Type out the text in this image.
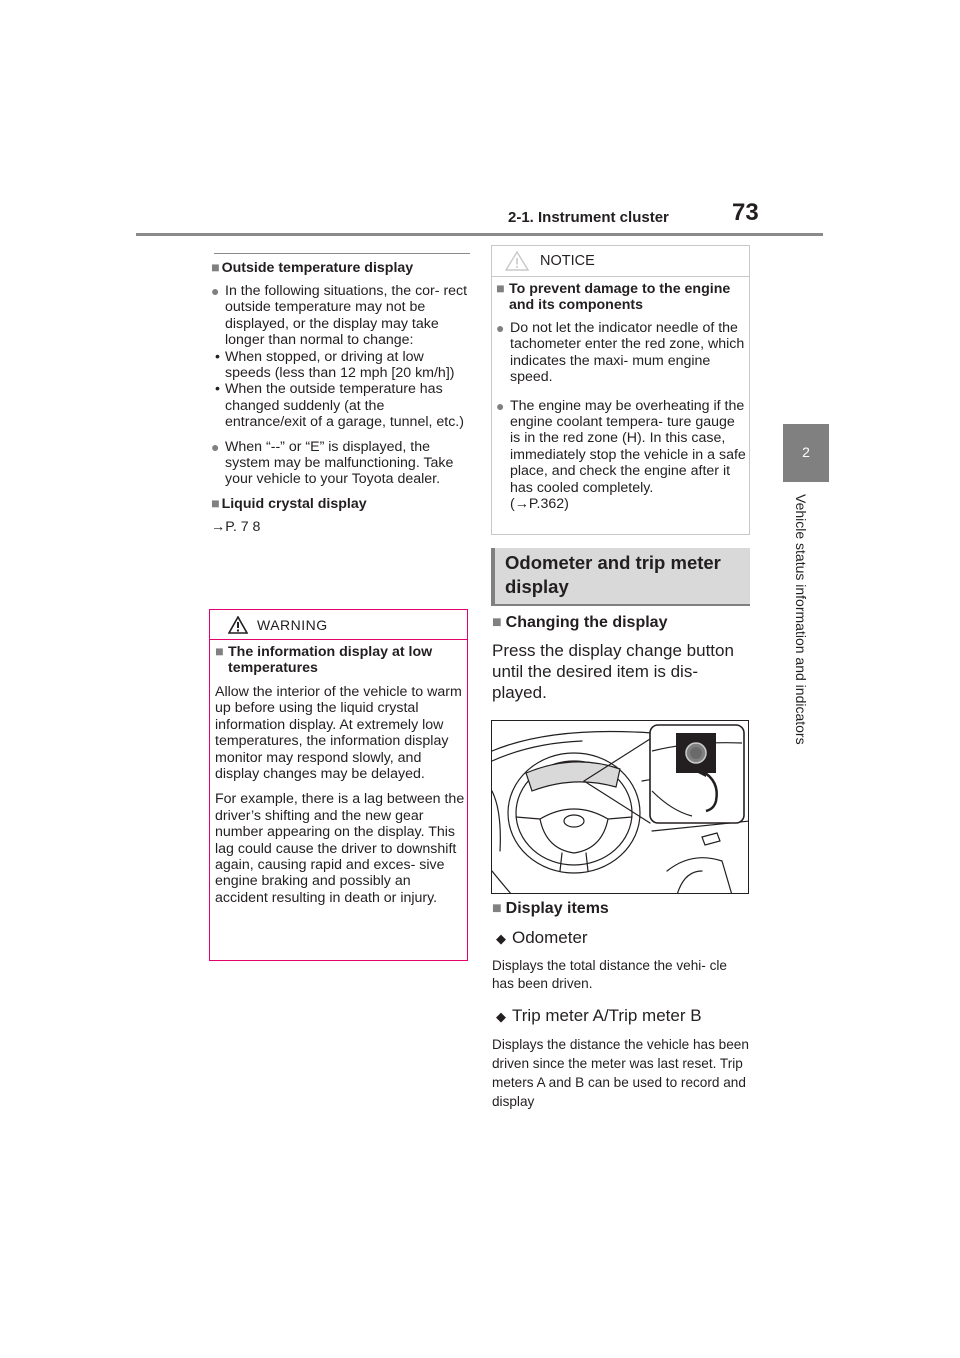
2-1. Instrument cluster	73
2
Vehicle status information and indicators
■ Outside temperature display

● In the following situations, the cor- rect outside temperature may not be displayed, or the display may take longer than normal to change:

• When stopped, or driving at low speeds (less than 12 mph [20 km/h])

• When the outside temperature has changed suddenly (at the entrance/exit of a garage, tunnel, etc.)

● When “--” or “E” is displayed, the system may be malfunctioning. Take your vehicle to your Toyota dealer.

■ Liquid crystal display

→P. 7 8

WARNING
■ The information display at low temperatures

Allow the interior of the vehicle to warm up before using the liquid crystal information display. At extremely low temperatures, the information display monitor may respond slowly, and display changes may be delayed.

For example, there is a lag between the driver’s shifting and the new gear number appearing on the display. This lag could cause the driver to downshift again, causing rapid and exces- sive engine braking and possibly an accident resulting in death or injury.

NOTICE
■ To prevent damage to the engine and its components

● Do not let the indicator needle of the tachometer enter the red zone, which indicates the maxi- mum engine speed.

● The engine may be overheating if the engine coolant tempera- ture gauge is in the red zone (H). In this case, immediately stop the vehicle in a safe place, and check the engine after it has cooled completely.

(→P.362)

Odometer and trip meter display
■ Changing the display

Press the display change button until the desired item is dis- played.

■ Display items
◆ Odometer

Displays the total distance the vehi- cle has been driven.

◆ Trip meter A/Trip meter B

Displays the distance the vehicle has been driven since the meter was last reset. Trip meters A and B can be used to record and display
